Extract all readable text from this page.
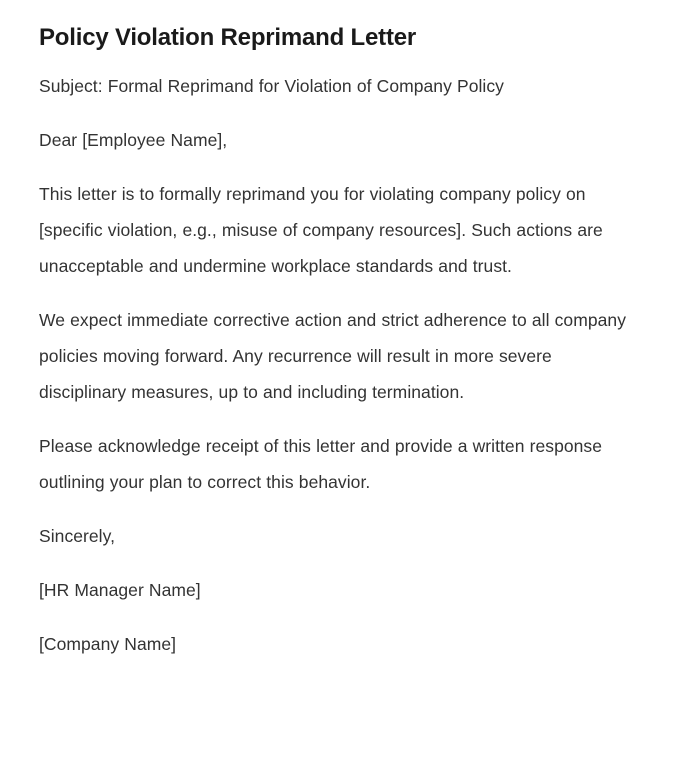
Policy Violation Reprimand Letter

Subject: Formal Reprimand for Violation of Company Policy

Dear [Employee Name],

This letter is to formally reprimand you for violating company policy on [specific violation, e.g., misuse of company resources]. Such actions are unacceptable and undermine workplace standards and trust.

We expect immediate corrective action and strict adherence to all company policies moving forward. Any recurrence will result in more severe disciplinary measures, up to and including termination.

Please acknowledge receipt of this letter and provide a written response outlining your plan to correct this behavior.

Sincerely,

[HR Manager Name]

[Company Name]
